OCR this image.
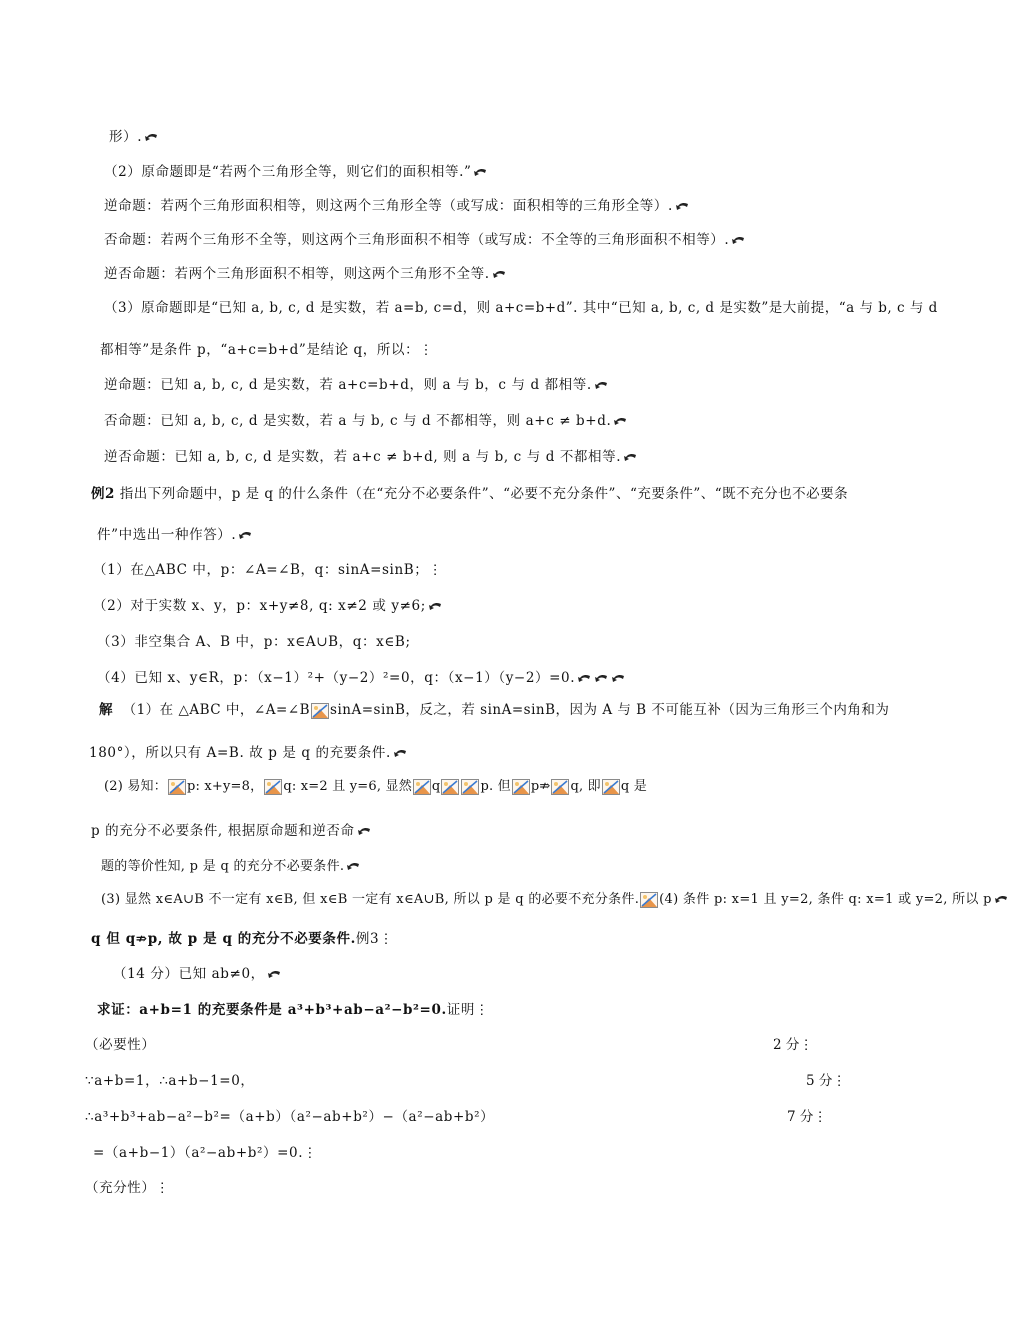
形）.
（2）原命题即是“若两个三角形全等，则它们的面积相等.”
逆命题：若两个三角形面积相等，则这两个三角形全等（或写成：面积相等的三角形全等）.
否命题：若两个三角形不全等，则这两个三角形面积不相等（或写成：不全等的三角形面积不相等）.
逆否命题：若两个三角形面积不相等，则这两个三角形不全等.
（3）原命题即是“已知 a, b, c, d 是实数，若 a=b, c=d，则 a+c=b+d”. 其中“已知 a, b, c, d 是实数”是大前提，“a 与 b, c 与 d
都相等”是条件 p，“a+c=b+d”是结论 q，所以：⋮
逆命题：已知 a, b, c, d 是实数，若 a+c=b+d，则 a 与 b，c 与 d 都相等.
否命题：已知 a, b, c, d 是实数，若 a 与 b, c 与 d 不都相等，则 a+c ≠ b+d.
逆否命题：已知 a, b, c, d 是实数，若 a+c ≠ b+d, 则 a 与 b, c 与 d 不都相等.
例2 指出下列命题中，p 是 q 的什么条件（在“充分不必要条件”、“必要不充分条件”、“充要条件”、“既不充分也不必要条
件”中选出一种作答）.
（1）在△ABC 中，p：∠A=∠B，q：sinA=sinB；⋮
（2）对于实数 x、y，p：x+y≠8, q: x≠2 或 y≠6;
（3）非空集合 A、B 中，p：x∈A∪B，q：x∈B;
（4）已知 x、y∈R，p：（x−1）²+（y−2）²=0，q：（x−1）（y−2）=0.
解 （1）在 △ABC 中，∠A=∠B sinA=sinB，反之，若 sinA=sinB，因为 A 与 B 不可能互补（因为三角形三个内角和为
180°），所以只有 A=B. 故 p 是 q 的充要条件.
(2) 易知： p: x+y=8， q: x=2 且 y=6, 显然 q	p. 但 p⇏ q, 即 q 是
p 的充分不必要条件, 根据原命题和逆否命
题的等价性知, p 是 q 的充分不必要条件.
(3) 显然 x∈A∪B 不一定有 x∈B, 但 x∈B 一定有 x∈A∪B, 所以 p 是 q 的必要不充分条件. (4) 条件 p: x=1 且 y=2, 条件 q: x=1 或 y=2, 所以 p
q 但 q⇏p, 故 p 是 q 的充分不必要条件.例3⋮
（14 分）已知 ab≠0，
求证：a+b=1 的充要条件是 a³+b³+ab−a²−b²=0.证明⋮
（必要性）	2 分⋮
∵a+b=1，∴a+b−1=0，	5 分⋮
∴a³+b³+ab−a²−b²=（a+b）（a²−ab+b²）−（a²−ab+b²）	7 分⋮
=（a+b−1）（a²−ab+b²）=0.⋮
（充分性）⋮
